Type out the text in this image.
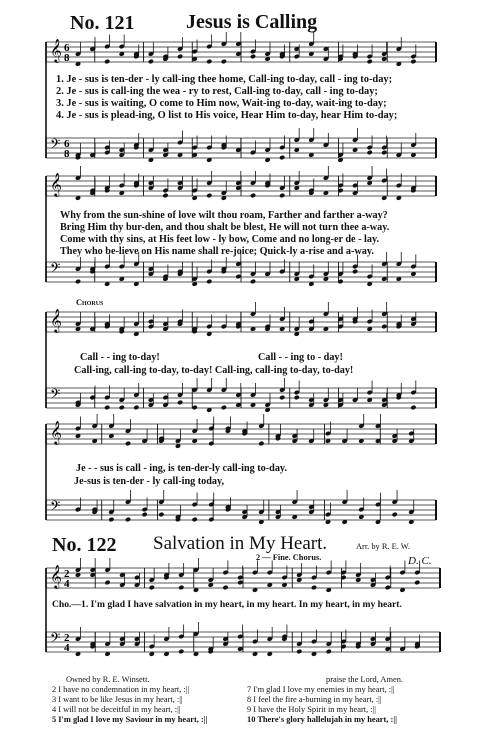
𝄞
𝄢
𝄞
𝄢
𝄞
𝄢
𝄞
𝄢
𝄞
𝄢
6
8
6
8
2
4
2
4
No. 121	Jesus is Calling
1. Je - sus is ten-der - ly call-ing thee home, Call-ing to-day, call - ing to-day;
2. Je - sus is call-ing the wea - ry to rest, Call-ing to-day, call - ing to-day;
3. Je - sus is waiting, O come to Him now, Wait-ing to-day, wait-ing to-day;
4. Je - sus is plead-ing, O list to His voice, Hear Him to-day, hear Him to-day;
Why from the sun-shine of love wilt thou roam, Farther and farther a-way?
Bring Him thy bur-den, and thou shalt be blest, He will not turn thee a-way.
Come with thy sins, at His feet low - ly bow, Come and no long-er de - lay.
They who be-lieve on His name shall re-joice; Quick-ly a-rise and a-way.
Chorus
Call - - ing to-day!	Call - - ing to - day!
Call-ing, call-ing to-day, to-day! Call-ing, call-ing to-day, to-day!
Je - - sus is call - ing, is ten-der-ly call-ing to-day.
Je-sus is ten-der - ly call-ing today,
No. 122 Salvation in My Heart.	Arr. by R. E. W.
2 — Fine. Chorus.	D. C.
Cho.—1. I'm glad I have salvation in my heart, in my heart. In my heart, in my heart.
Owned by R. E. Winsett.	praise the Lord, Amen.
2 I have no condemnation in my heart, :||
3 I want to be like Jesus in my heart, :||
4 I will not be deceitful in my heart, :||
5 I'm glad I love my Saviour in my heart, :||
7 I'm glad I love my enemies in my heart, :||
8 I feel the fire a-burning in my heart, :||
9 I have the Holy Spirit in my heart, :||
10 There's glory hallelujah in my heart, :||
